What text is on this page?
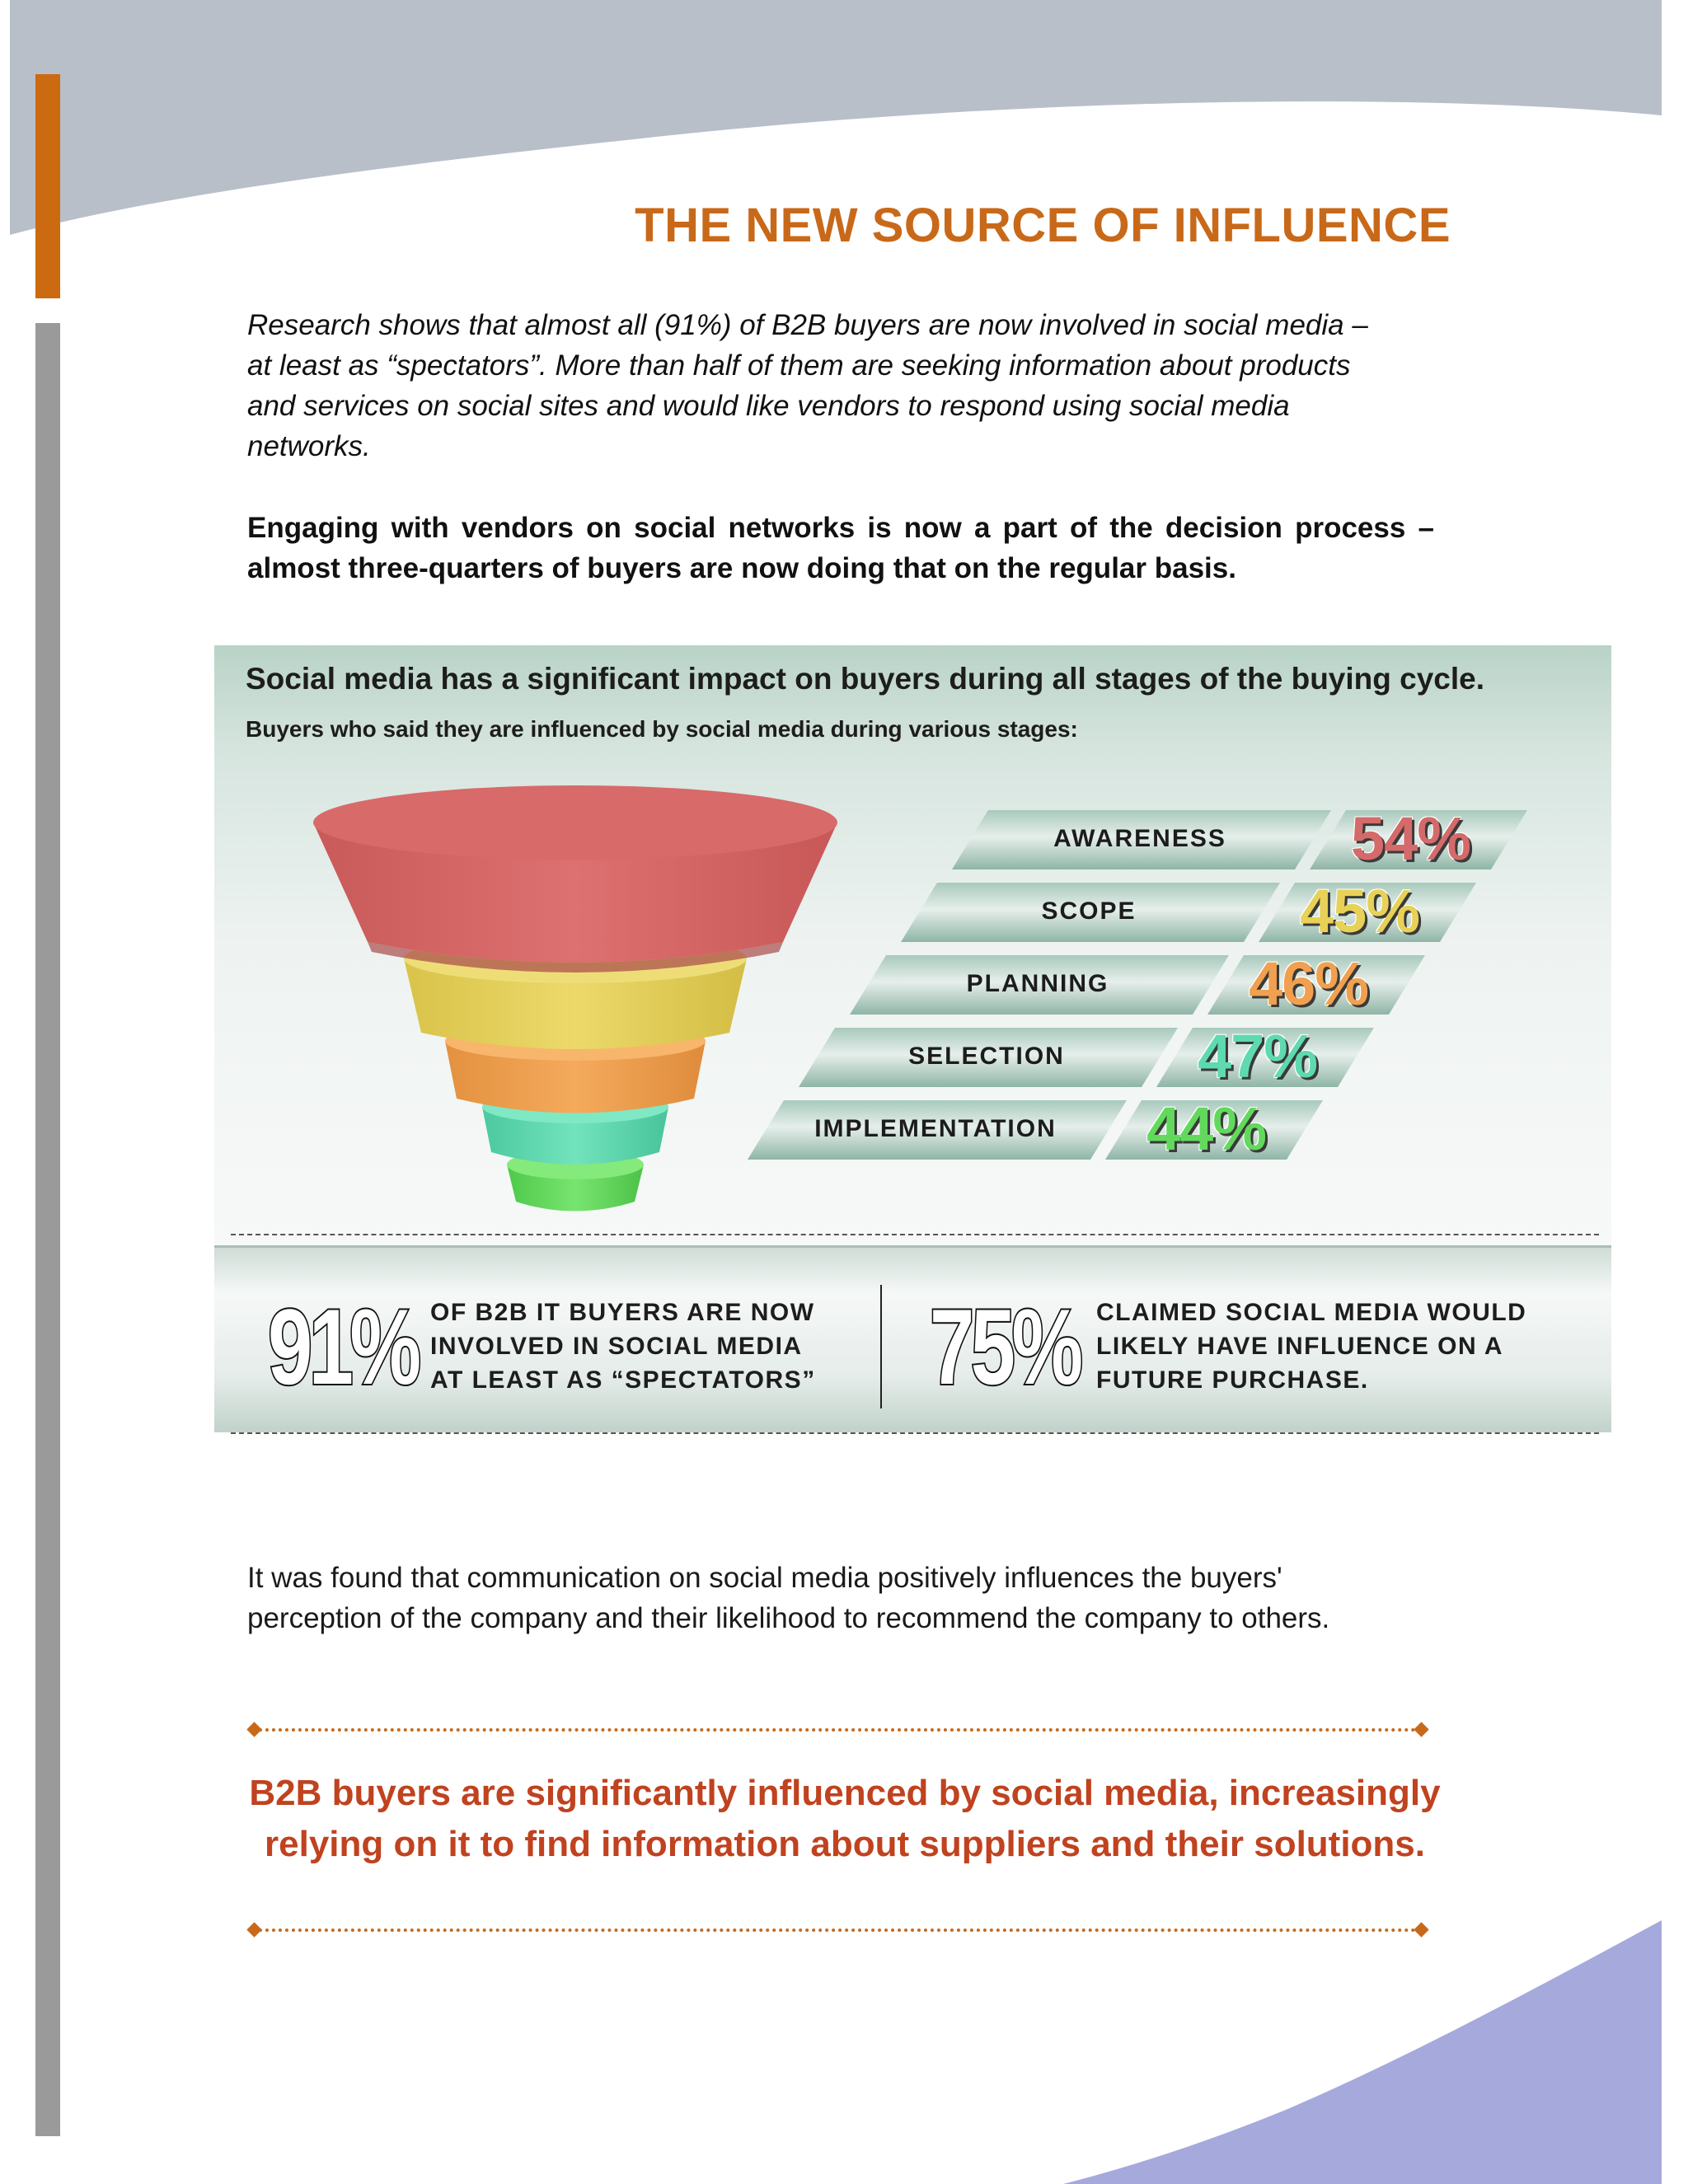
THE NEW SOURCE OF INFLUENCE
Research shows that almost all (91%) of B2B buyers are now involved in social media –
at least as “spectators”. More than half of them are seeking information about products
and services on social sites and would like vendors to respond using social media
networks.
Engaging with vendors on social networks is now a part of the decision process – almost three-quarters of buyers are now doing that on the regular basis.
Social media has a significant impact on buyers during all stages of the buying cycle.
Buyers who said they are influenced by social media during various stages:
AWARENESS	54%
SCOPE	45%
PLANNING	46%
SELECTION	47%
IMPLEMENTATION	44%
91% OF B2B IT BUYERS ARE NOW
INVOLVED IN SOCIAL MEDIA
AT LEAST AS “SPECTATORS” 75% CLAIMED SOCIAL MEDIA WOULD
LIKELY HAVE INFLUENCE ON A
FUTURE PURCHASE.
It was found that communication on social media positively influences the buyers'
perception of the company and their likelihood to recommend the company to others.
B2B buyers are significantly influenced by social media, increasingly
relying on it to find information about suppliers and their solutions.
